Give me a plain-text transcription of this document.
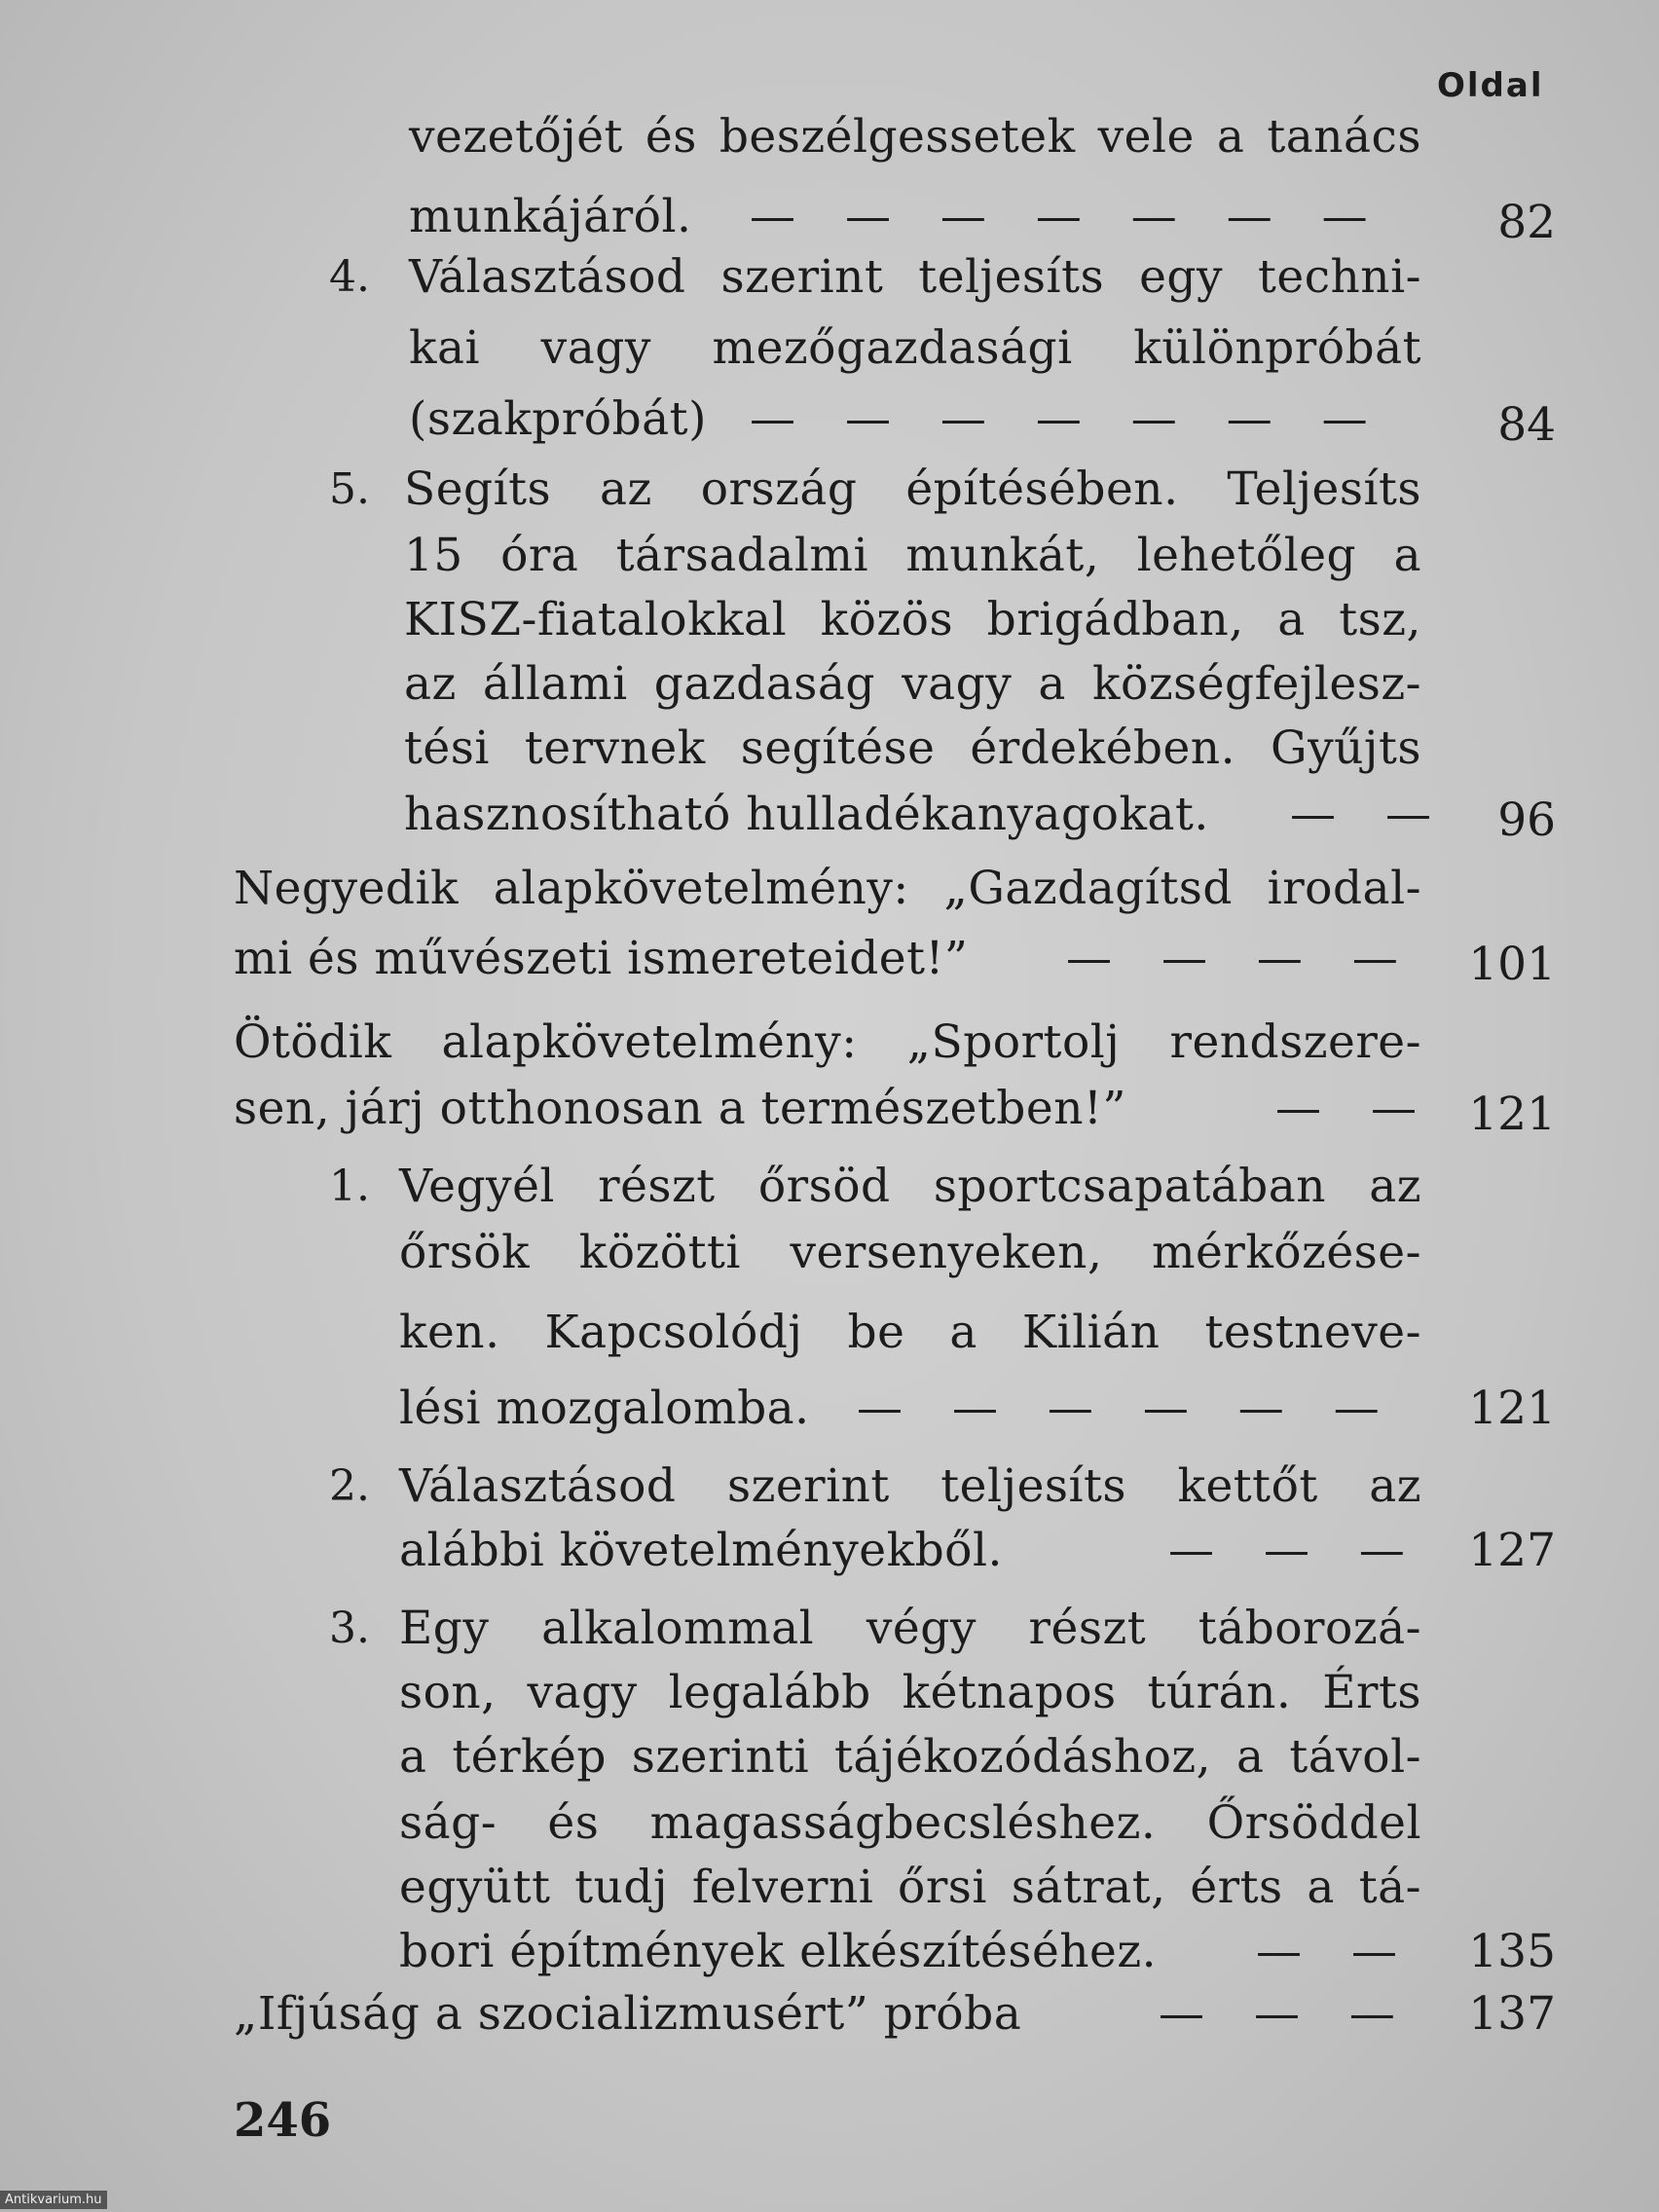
Oldal
vezetőjét és beszélgessetek vele a tanács
munkájáról. — — — — — — —	82
4. Választásod szerint teljesíts egy techni-
kai vagy mezőgazdasági különpróbát
(szakpróbát) — — — — — — —	84
5. Segíts az ország építésében. Teljesíts
15 óra társadalmi munkát, lehetőleg a
KISZ-fiatalokkal közös brigádban, a tsz,
az állami gazdaság vagy a községfejlesz-
tési tervnek segítése érdekében. Gyűjts
hasznosítható hulladékanyagokat. — —	96
Negyedik alapkövetelmény: „Gazdagítsd irodal-
mi és művészeti ismereteidet!” — — — —	101
Ötödik alapkövetelmény: „Sportolj rendszere-
sen, járj otthonosan a természetben!”	— — 121
1. Vegyél részt őrsöd sportcsapatában az
őrsök közötti versenyeken, mérkőzése-
ken. Kapcsolódj be a Kilián testneve-
lési mozgalomba. — — — — — —	121
2. Választásod szerint teljesíts kettőt az
alábbi követelményekből.	— — —	127
3. Egy alkalommal végy részt táborozá-
son, vagy legalább kétnapos túrán. Érts
a térkép szerinti tájékozódáshoz, a távol-
ság- és magasságbecsléshez. Őrsöddel
együtt tudj felverni őrsi sátrat, érts a tá-
bori építmények elkészítéséhez. — —	135
„Ifjúság a szocializmusért” próba	— — —	137
246
Antikvarium.hu
